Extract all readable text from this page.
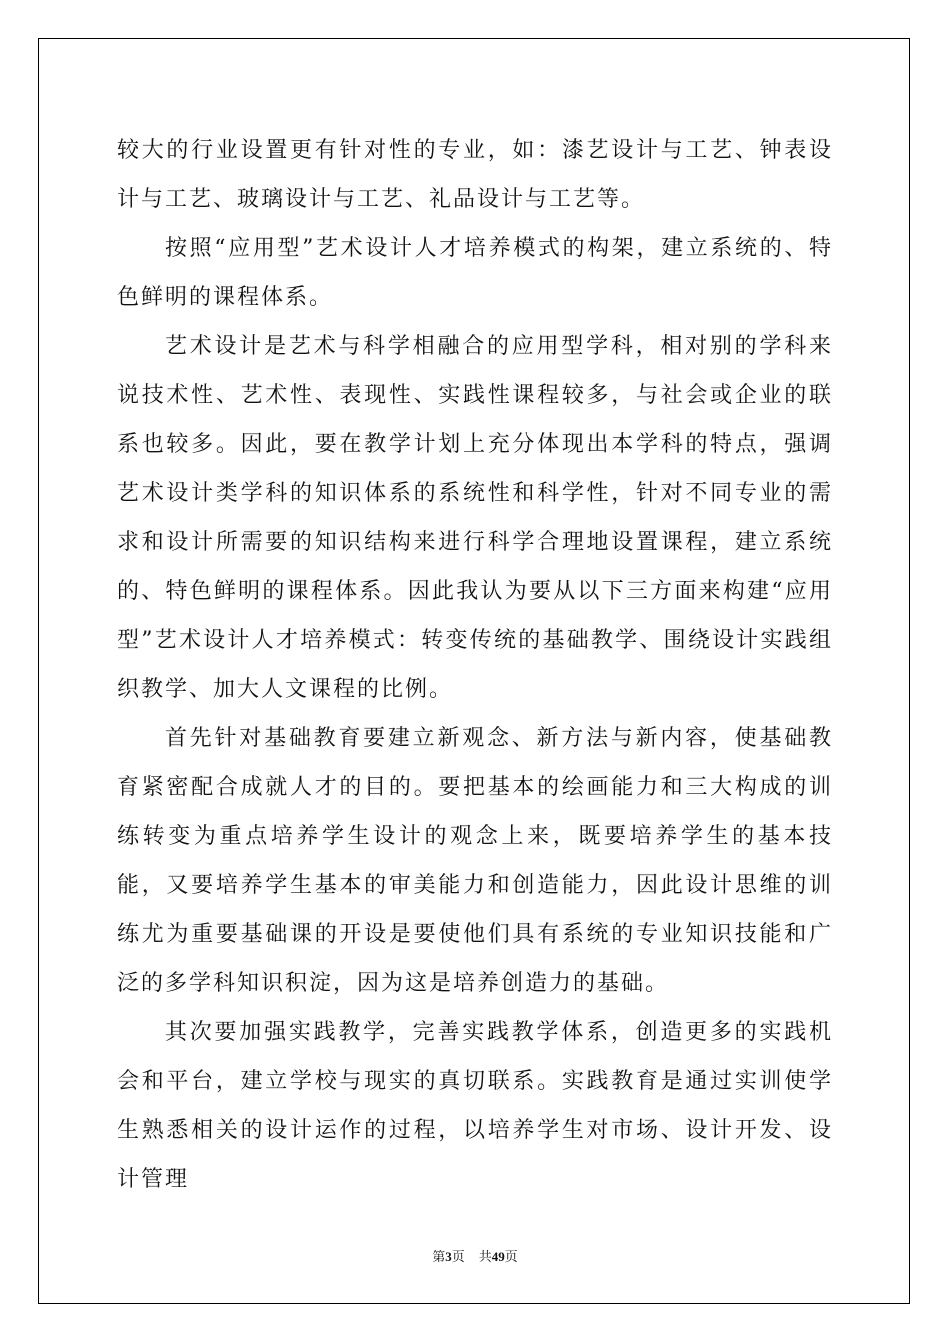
较大的行业设置更有针对性的专业，如：漆艺设计与工艺、钟表设计与工艺、玻璃设计与工艺、礼品设计与工艺等。

按照“应用型”艺术设计人才培养模式的构架，建立系统的、特色鲜明的课程体系。

艺术设计是艺术与科学相融合的应用型学科，相对别的学科来说技术性、艺术性、表现性、实践性课程较多，与社会或企业的联系也较多。因此，要在教学计划上充分体现出本学科的特点，强调艺术设计类学科的知识体系的系统性和科学性，针对不同专业的需求和设计所需要的知识结构来进行科学合理地设置课程，建立系统的、特色鲜明的课程体系。因此我认为要从以下三方面来构建“应用型”艺术设计人才培养模式：转变传统的基础教学、围绕设计实践组织教学、加大人文课程的比例。

首先针对基础教育要建立新观念、新方法与新内容，使基础教育紧密配合成就人才的目的。要把基本的绘画能力和三大构成的训练转变为重点培养学生设计的观念上来，既要培养学生的基本技能，又要培养学生基本的审美能力和创造能力，因此设计思维的训练尤为重要基础课的开设是要使他们具有系统的专业知识技能和广泛的多学科知识积淀，因为这是培养创造力的基础。

其次要加强实践教学，完善实践教学体系，创造更多的实践机会和平台，建立学校与现实的真切联系。实践教育是通过实训使学生熟悉相关的设计运作的过程，以培养学生对市场、设计开发、设计管理

第3页 共49页
